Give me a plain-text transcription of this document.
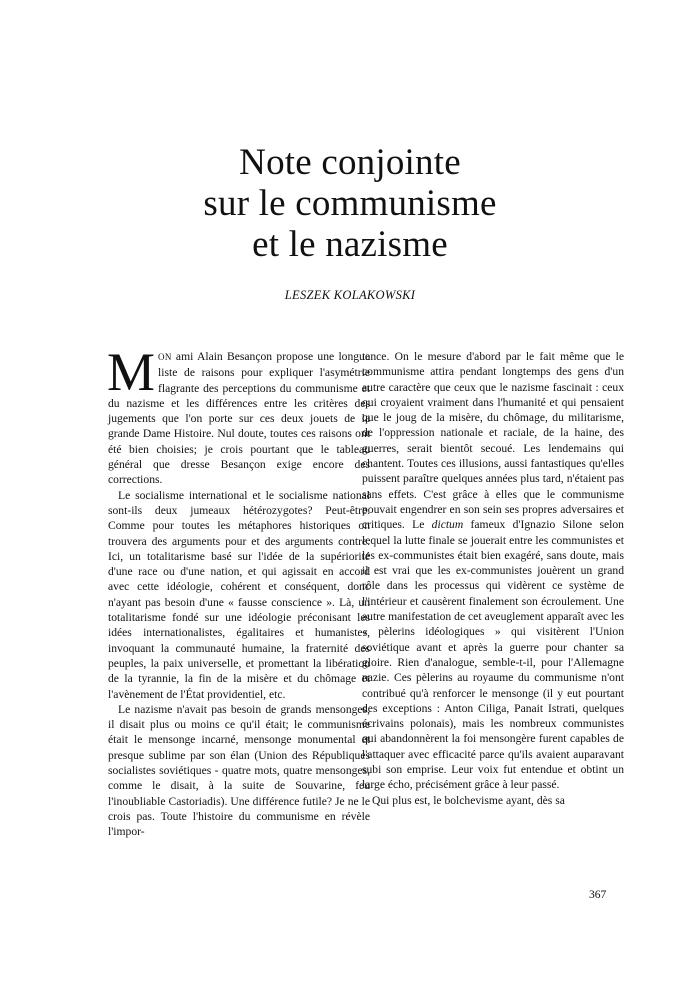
Note conjointe
sur le communisme
et le nazisme
LESZEK KOLAKOWSKI

MON ami Alain Besançon propose une longue liste de raisons pour expliquer l'asymétrie flagrante des perceptions du communisme et du nazisme et les différences entre les critères des jugements que l'on porte sur ces deux jouets de la grande Dame Histoire. Nul doute, toutes ces raisons ont été bien choisies; je crois pourtant que le tableau général que dresse Besançon exige encore des corrections.

Le socialisme international et le socialisme national sont-ils deux jumeaux hétérozygotes? Peut-être. Comme pour toutes les métaphores historiques on trouvera des arguments pour et des arguments contre. Ici, un totalitarisme basé sur l'idée de la supériorité d'une race ou d'une nation, et qui agissait en accord avec cette idéologie, cohérent et conséquent, donc n'ayant pas besoin d'une « fausse conscience ». Là, un totalitarisme fondé sur une idéologie préconisant les idées internationalistes, égalitaires et humanistes, invoquant la communauté humaine, la fraternité des peuples, la paix universelle, et promettant la libération de la tyrannie, la fin de la misère et du chômage et l'avènement de l'État providentiel, etc.

Le nazisme n'avait pas besoin de grands mensonges, il disait plus ou moins ce qu'il était; le communisme était le mensonge incarné, mensonge monumental et presque sublime par son élan (Union des Républiques socialistes soviétiques - quatre mots, quatre mensonges, comme le disait, à la suite de Souvarine, feu l'inoubliable Castoriadis). Une différence futile? Je ne le crois pas. Toute l'histoire du communisme en révèle l'impor-

tance. On le mesure d'abord par le fait même que le communisme attira pendant longtemps des gens d'un autre caractère que ceux que le nazisme fascinait : ceux qui croyaient vraiment dans l'humanité et qui pensaient que le joug de la misère, du chômage, du militarisme, de l'oppression nationale et raciale, de la haine, des guerres, serait bientôt secoué. Les lendemains qui chantent. Toutes ces illusions, aussi fantastiques qu'elles puissent paraître quelques années plus tard, n'étaient pas sans effets. C'est grâce à elles que le communisme pouvait engendrer en son sein ses propres adversaires et critiques. Le dictum fameux d'Ignazio Silone selon lequel la lutte finale se jouerait entre les communistes et les ex-communistes était bien exagéré, sans doute, mais il est vrai que les ex-communistes jouèrent un grand rôle dans les processus qui vidèrent ce système de l'intérieur et causèrent finalement son écroulement. Une autre manifestation de cet aveuglement apparaît avec les « pèlerins idéologiques » qui visitèrent l'Union soviétique avant et après la guerre pour chanter sa gloire. Rien d'analogue, semble-t-il, pour l'Allemagne nazie. Ces pèlerins au royaume du communisme n'ont contribué qu'à renforcer le mensonge (il y eut pourtant des exceptions : Anton Ciliga, Panait Istrati, quelques écrivains polonais), mais les nombreux communistes qui abandonnèrent la foi mensongère furent capables de l'attaquer avec efficacité parce qu'ils avaient auparavant subi son emprise. Leur voix fut entendue et obtint un large écho, précisément grâce à leur passé.

Qui plus est, le bolchevisme ayant, dès sa

367
